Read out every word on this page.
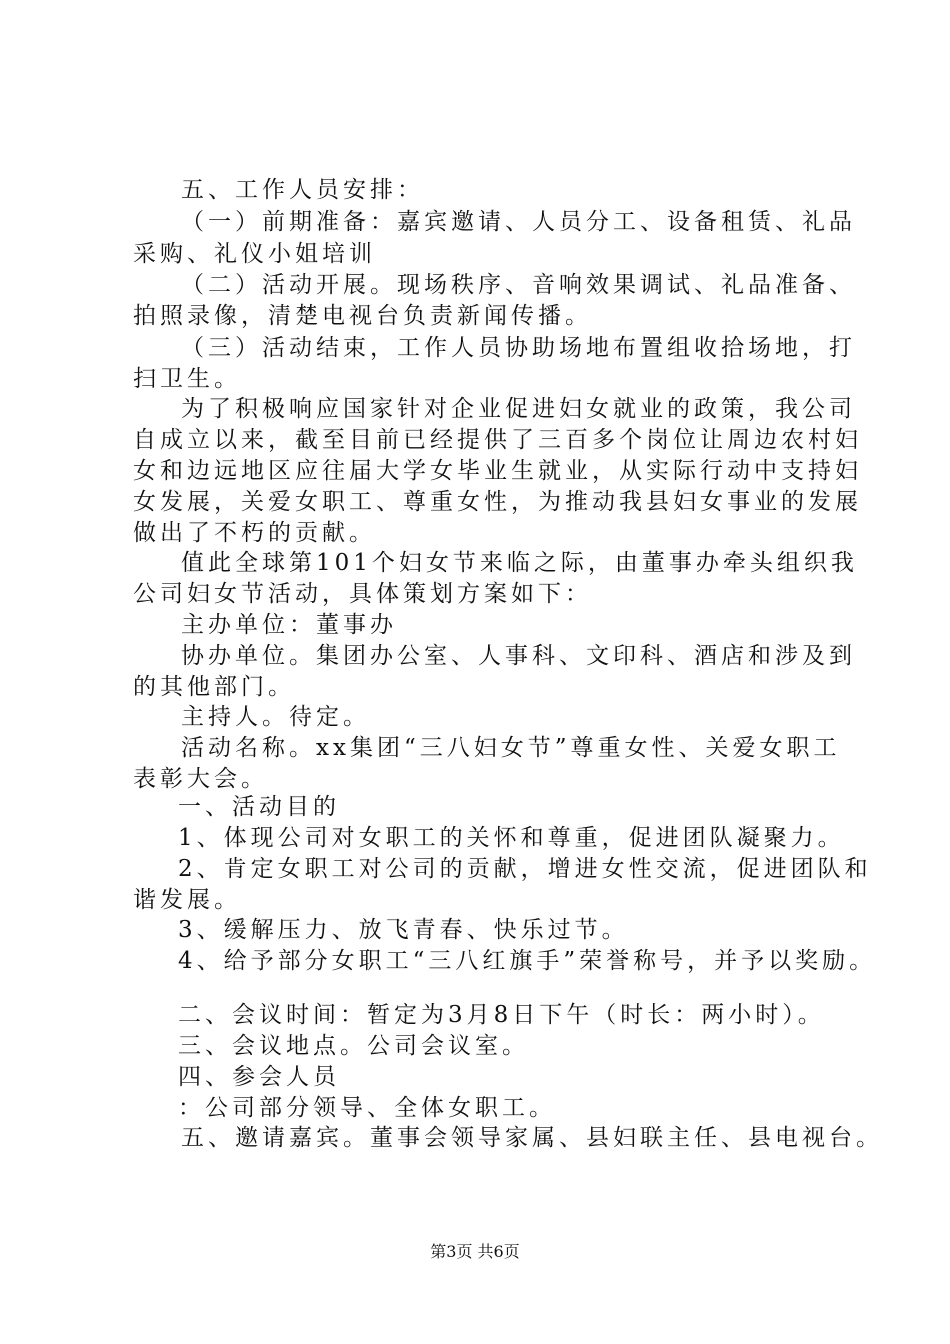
五、工作人员安排：
（一）前期准备：嘉宾邀请、人员分工、设备租赁、礼品
采购、礼仪小姐培训
（二）活动开展。现场秩序、音响效果调试、礼品准备、
拍照录像，清楚电视台负责新闻传播。
（三）活动结束，工作人员协助场地布置组收拾场地，打
扫卫生。
为了积极响应国家针对企业促进妇女就业的政策，我公司
自成立以来，截至目前已经提供了三百多个岗位让周边农村妇
女和边远地区应往届大学女毕业生就业，从实际行动中支持妇
女发展，关爱女职工、尊重女性，为推动我县妇女事业的发展
做出了不朽的贡献。
值此全球第101个妇女节来临之际，由董事办牵头组织我
公司妇女节活动，具体策划方案如下：
主办单位：董事办
协办单位。集团办公室、人事科、文印科、酒店和涉及到
的其他部门。
主持人。待定。
活动名称。xx集团“三八妇女节”尊重女性、关爱女职工
表彰大会。
一、活动目的
1、体现公司对女职工的关怀和尊重，促进团队凝聚力。
2、肯定女职工对公司的贡献，增进女性交流，促进团队和
谐发展。
3、缓解压力、放飞青春、快乐过节。
4、给予部分女职工“三八红旗手”荣誉称号，并予以奖励。
二、会议时间：暂定为3月8日下午（时长：两小时）。
三、会议地点。公司会议室。
四、参会人员
：公司部分领导、全体女职工。
五、邀请嘉宾。董事会领导家属、县妇联主任、县电视台。
第3页 共6页
